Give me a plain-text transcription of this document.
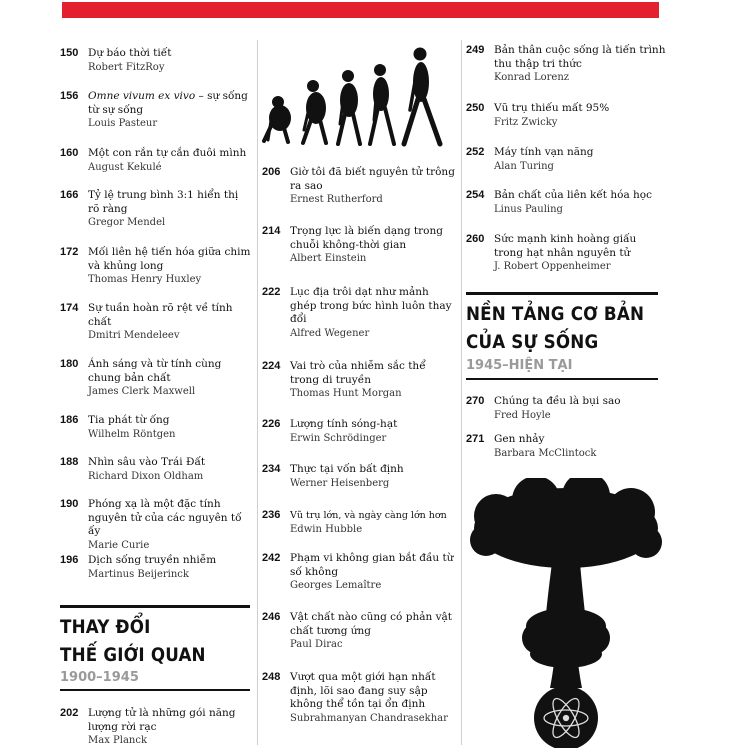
150 Dự báo thời tiết
Robert FitzRoy
156 Omne vivum ex vivo – sự sống từ sự sống
Louis Pasteur
160 Một con rắn tự cắn đuôi mình
August Kekulé
166 Tỷ lệ trung bình 3:1 hiển thị rõ ràng
Gregor Mendel
172 Mối liên hệ tiến hóa giữa chim và khủng long
Thomas Henry Huxley
174 Sự tuần hoàn rõ rệt về tính chất
Dmitri Mendeleev
180 Ánh sáng và từ tính cùng chung bản chất
James Clerk Maxwell
186 Tia phát từ ống
Wilhelm Röntgen
188 Nhìn sâu vào Trái Đất
Richard Dixon Oldham
190 Phóng xạ là một đặc tính nguyên tử của các nguyên tố ấy
Marie Curie
196 Dịch sống truyền nhiễm
Martinus Beijerinck
THAY ĐỔI
THẾ GIỚI QUAN
1900–1945
202 Lượng tử là những gói năng lượng rời rạc
Max Planck
206 Giờ tôi đã biết nguyên tử trông ra sao
Ernest Rutherford
214 Trọng lực là biến dạng trong chuỗi không-thời gian
Albert Einstein
222 Lục địa trôi dạt như mảnh ghép trong bức hình luôn thay đổi
Alfred Wegener
224 Vai trò của nhiễm sắc thể trong di truyền
Thomas Hunt Morgan
226 Lượng tính sóng-hạt
Erwin Schrödinger
234 Thực tại vốn bất định
Werner Heisenberg
236 Vũ trụ lớn, và ngày càng lớn hơn
Edwin Hubble
242 Phạm vi không gian bắt đầu từ số không
Georges Lemaître
246 Vật chất nào cũng có phản vật chất tương ứng
Paul Dirac
248 Vượt qua một giới hạn nhất định, lõi sao đang suy sập không thể tồn tại ổn định
Subrahmanyan Chandrasekhar
249 Bản thân cuộc sống là tiến trình thu thập tri thức
Konrad Lorenz
250 Vũ trụ thiếu mất 95%
Fritz Zwicky
252 Máy tính vạn năng
Alan Turing
254 Bản chất của liên kết hóa học
Linus Pauling
260 Sức mạnh kinh hoàng giấu trong hạt nhân nguyên tử
J. Robert Oppenheimer
NỀN TẢNG CƠ BẢN
CỦA SỰ SỐNG
1945–HIỆN TẠI
270 Chúng ta đều là bụi sao
Fred Hoyle
271 Gen nhảy
Barbara McClintock
